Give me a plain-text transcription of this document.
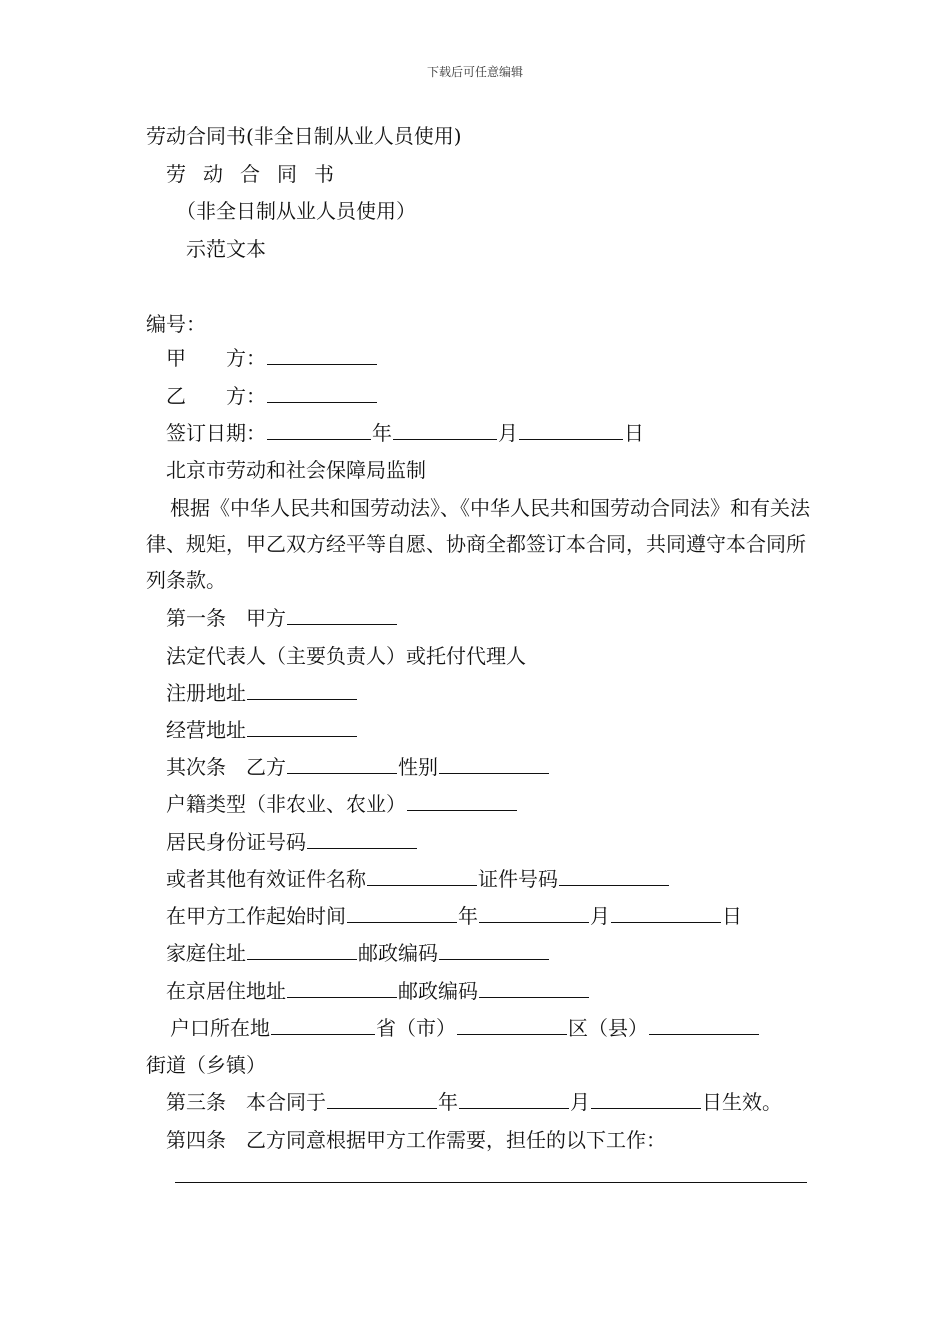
下载后可任意编辑
劳动合同书(非全日制从业人员使用)
劳动合同书
（非全日制从业人员使用）
示范文本
编号：
甲　　方：
乙　　方：
签订日期：	年	月	日
北京市劳动和社会保障局监制
根据《中华人民共和国劳动法》、《中华人民共和国劳动合同法》和有关法律、规矩，甲乙双方经平等自愿、协商全都签订本合同，共同遵守本合同所列条款。
第一条　甲方
法定代表人（主要负责人）或托付代理人
注册地址
经营地址
其次条　乙方	性别
户籍类型（非农业、农业）
居民身份证号码
或者其他有效证件名称	证件号码
在甲方工作起始时间	年	月	日
家庭住址	邮政编码
在京居住地址	邮政编码
户口所在地	省（市）	区（县）
街道（乡镇）
第三条　本合同于	年	月	日生效。
第四条　乙方同意根据甲方工作需要，担任的以下工作：
